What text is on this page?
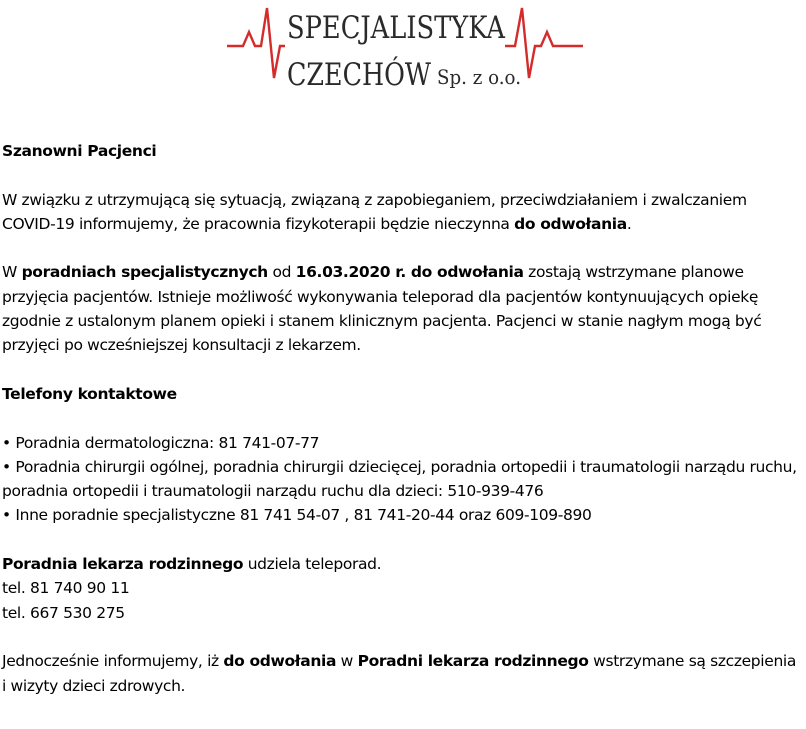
SPECJALISTYKA
CZECHÓW
Sp. z o.o.

Szanowni Pacjenci

W związku z utrzymującą się sytuacją, związaną z zapobieganiem, przeciwdziałaniem i zwalczaniem COVID-19 informujemy, że pracownia fizykoterapii będzie nieczynna do odwołania.

W poradniach specjalistycznych od 16.03.2020 r. do odwołania zostają wstrzymane planowe przyjęcia pacjentów. Istnieje możliwość wykonywania teleporad dla pacjentów kontynuujących opiekę zgodnie z ustalonym planem opieki i stanem klinicznym pacjenta. Pacjenci w stanie nagłym mogą być przyjęci po wcześniejszej konsultacji z lekarzem.

Telefony kontaktowe

• Poradnia dermatologiczna: 81 741-07-77
• Poradnia chirurgii ogólnej, poradnia chirurgii dziecięcej, poradnia ortopedii i traumatologii narządu ruchu, poradnia ortopedii i traumatologii narządu ruchu dla dzieci: 510-939-476
• Inne poradnie specjalistyczne 81 741 54-07 , 81 741-20-44 oraz 609-109-890

Poradnia lekarza rodzinnego udziela teleporad.
tel. 81 740 90 11
tel. 667 530 275

Jednocześnie informujemy, iż do odwołania w Poradni lekarza rodzinnego wstrzymane są szczepienia i wizyty dzieci zdrowych.
